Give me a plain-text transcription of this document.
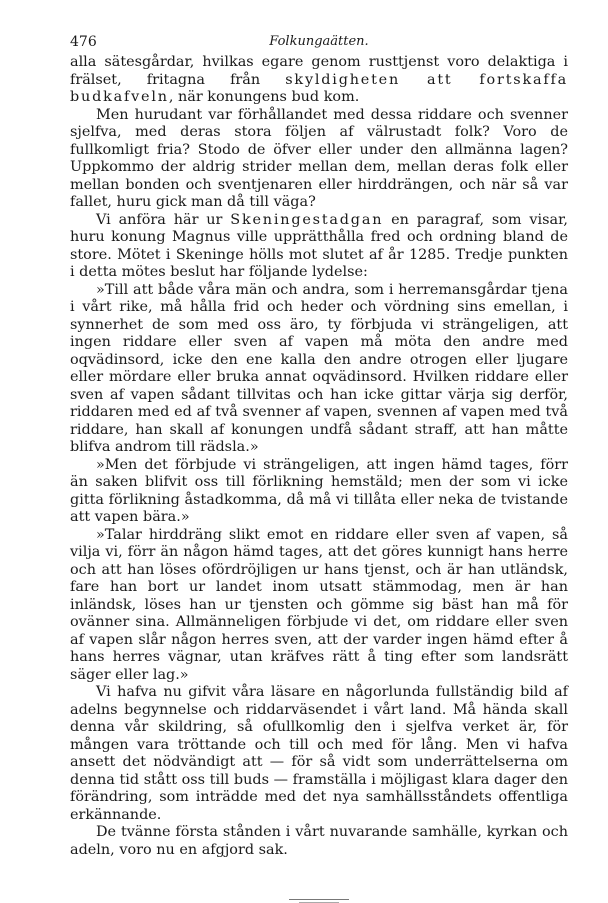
476	Folkungaätten.

alla sätesgårdar, hvilkas egare genom rusttjenst voro delaktiga i frälset, fritagna från skyldigheten att fortskaffa budkafveln, när konungens bud kom.

Men hurudant var förhållandet med dessa riddare och svenner sjelfva, med deras stora följen af välrustadt folk? Voro de fullkomligt fria? Stodo de öfver eller under den allmänna lagen? Uppkommo der aldrig strider mellan dem, mellan deras folk eller mellan bonden och sventjenaren eller hirddrängen, och när så var fallet, huru gick man då till väga?

Vi anföra här ur Skeningestadgan en paragraf, som visar, huru konung Magnus ville upprätthålla fred och ordning bland de store. Mötet i Skeninge hölls mot slutet af år 1285. Tredje punkten i detta mötes beslut har följande lydelse:

»Till att både våra män och andra, som i herremansgårdar tjena i vårt rike, må hålla frid och heder och vördning sins emellan, i synnerhet de som med oss äro, ty förbjuda vi strängeligen, att ingen riddare eller sven af vapen må möta den andre med oqvädinsord, icke den ene kalla den andre otrogen eller ljugare eller mördare eller bruka annat oqvädinsord. Hvilken riddare eller sven af vapen sådant tillvitas och han icke gittar värja sig derför, riddaren med ed af två svenner af vapen, svennen af vapen med två riddare, han skall af konungen undfå sådant straff, att han måtte blifva androm till rädsla.»

»Men det förbjude vi strängeligen, att ingen hämd tages, förr än saken blifvit oss till förlikning hemstäld; men der som vi icke gitta förlikning åstadkomma, då må vi tillåta eller neka de tvistande att vapen bära.»

»Talar hirddräng slikt emot en riddare eller sven af vapen, så vilja vi, förr än någon hämd tages, att det göres kunnigt hans herre och att han löses ofördröjligen ur hans tjenst, och är han utländsk, fare han bort ur landet inom utsatt stämmodag, men är han inländsk, löses han ur tjensten och gömme sig bäst han må för ovänner sina. Allmänneligen förbjude vi det, om riddare eller sven af vapen slår någon herres sven, att der varder ingen hämd efter å hans herres vägnar, utan kräfves rätt å ting efter som landsrätt säger eller lag.»

Vi hafva nu gifvit våra läsare en någorlunda fullständig bild af adelns begynnelse och riddarväsendet i vårt land. Må hända skall denna vår skildring, så ofullkomlig den i sjelfva verket är, för mången vara tröttande och till och med för lång. Men vi hafva ansett det nödvändigt att — för så vidt som underrättelserna om denna tid stått oss till buds — framställa i möjligast klara dager den förändring, som inträdde med det nya samhällsståndets offentliga erkännande.

De tvänne första stånden i vårt nuvarande samhälle, kyrkan och adeln, voro nu en afgjord sak.
